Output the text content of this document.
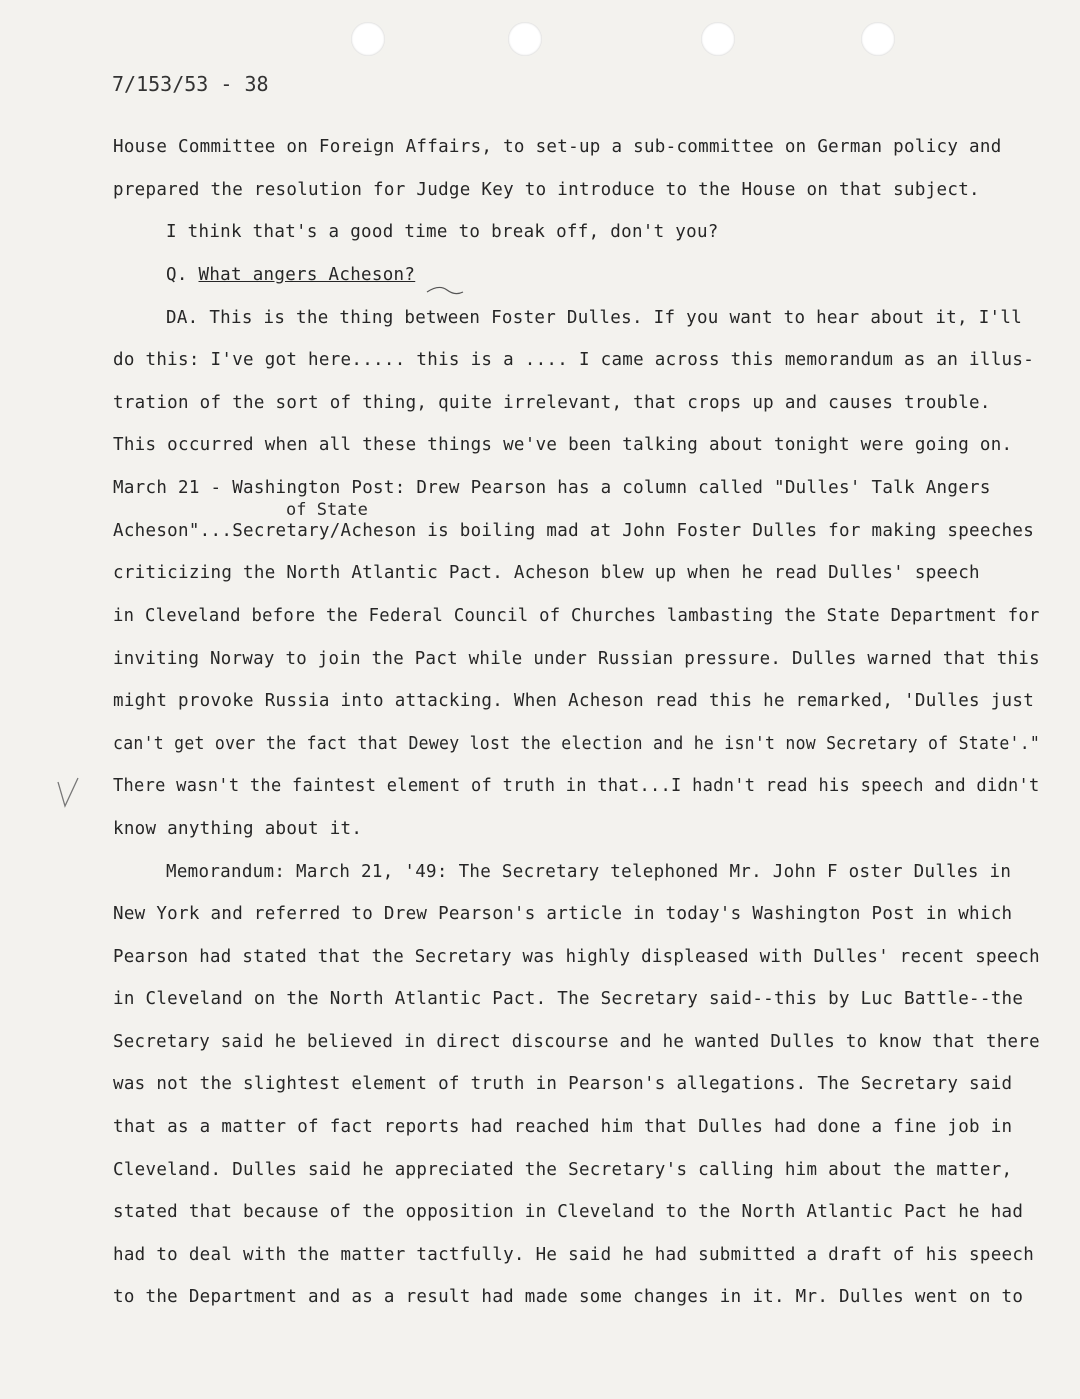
7/153/53 - 38
House Committee on Foreign Affairs, to set-up a sub-committee on German policy and
prepared the resolution for Judge Key to introduce to the House on that subject.
I think that's a good time to break off, don't you?
Q. What angers Acheson?
DA. This is the thing between Foster Dulles. If you want to hear about it, I'll
do this: I've got here..... this is a .... I came across this memorandum as an illus-
tration of the sort of thing, quite irrelevant, that crops up and causes trouble.
This occurred when all these things we've been talking about tonight were going on.
March 21 - Washington Post: Drew Pearson has a column called "Dulles' Talk Angers
of State
Acheson"...Secretary/Acheson is boiling mad at John Foster Dulles for making speeches
criticizing the North Atlantic Pact. Acheson blew up when he read Dulles' speech
in Cleveland before the Federal Council of Churches lambasting the State Department for
inviting Norway to join the Pact while under Russian pressure. Dulles warned that this
might provoke Russia into attacking. When Acheson read this he remarked, 'Dulles just
can't get over the fact that Dewey lost the election and he isn't now Secretary of State'."
There wasn't the faintest element of truth in that...I hadn't read his speech and didn't
know anything about it.
Memorandum: March 21, '49: The Secretary telephoned Mr. John F oster Dulles in
New York and referred to Drew Pearson's article in today's Washington Post in which
Pearson had stated that the Secretary was highly displeased with Dulles' recent speech
in Cleveland on the North Atlantic Pact. The Secretary said--this by Luc Battle--the
Secretary said he believed in direct discourse and he wanted Dulles to know that there
was not the slightest element of truth in Pearson's allegations. The Secretary said
that as a matter of fact reports had reached him that Dulles had done a fine job in
Cleveland. Dulles said he appreciated the Secretary's calling him about the matter,
stated that because of the opposition in Cleveland to the North Atlantic Pact he had
had to deal with the matter tactfully. He said he had submitted a draft of his speech
to the Department and as a result had made some changes in it. Mr. Dulles went on to
